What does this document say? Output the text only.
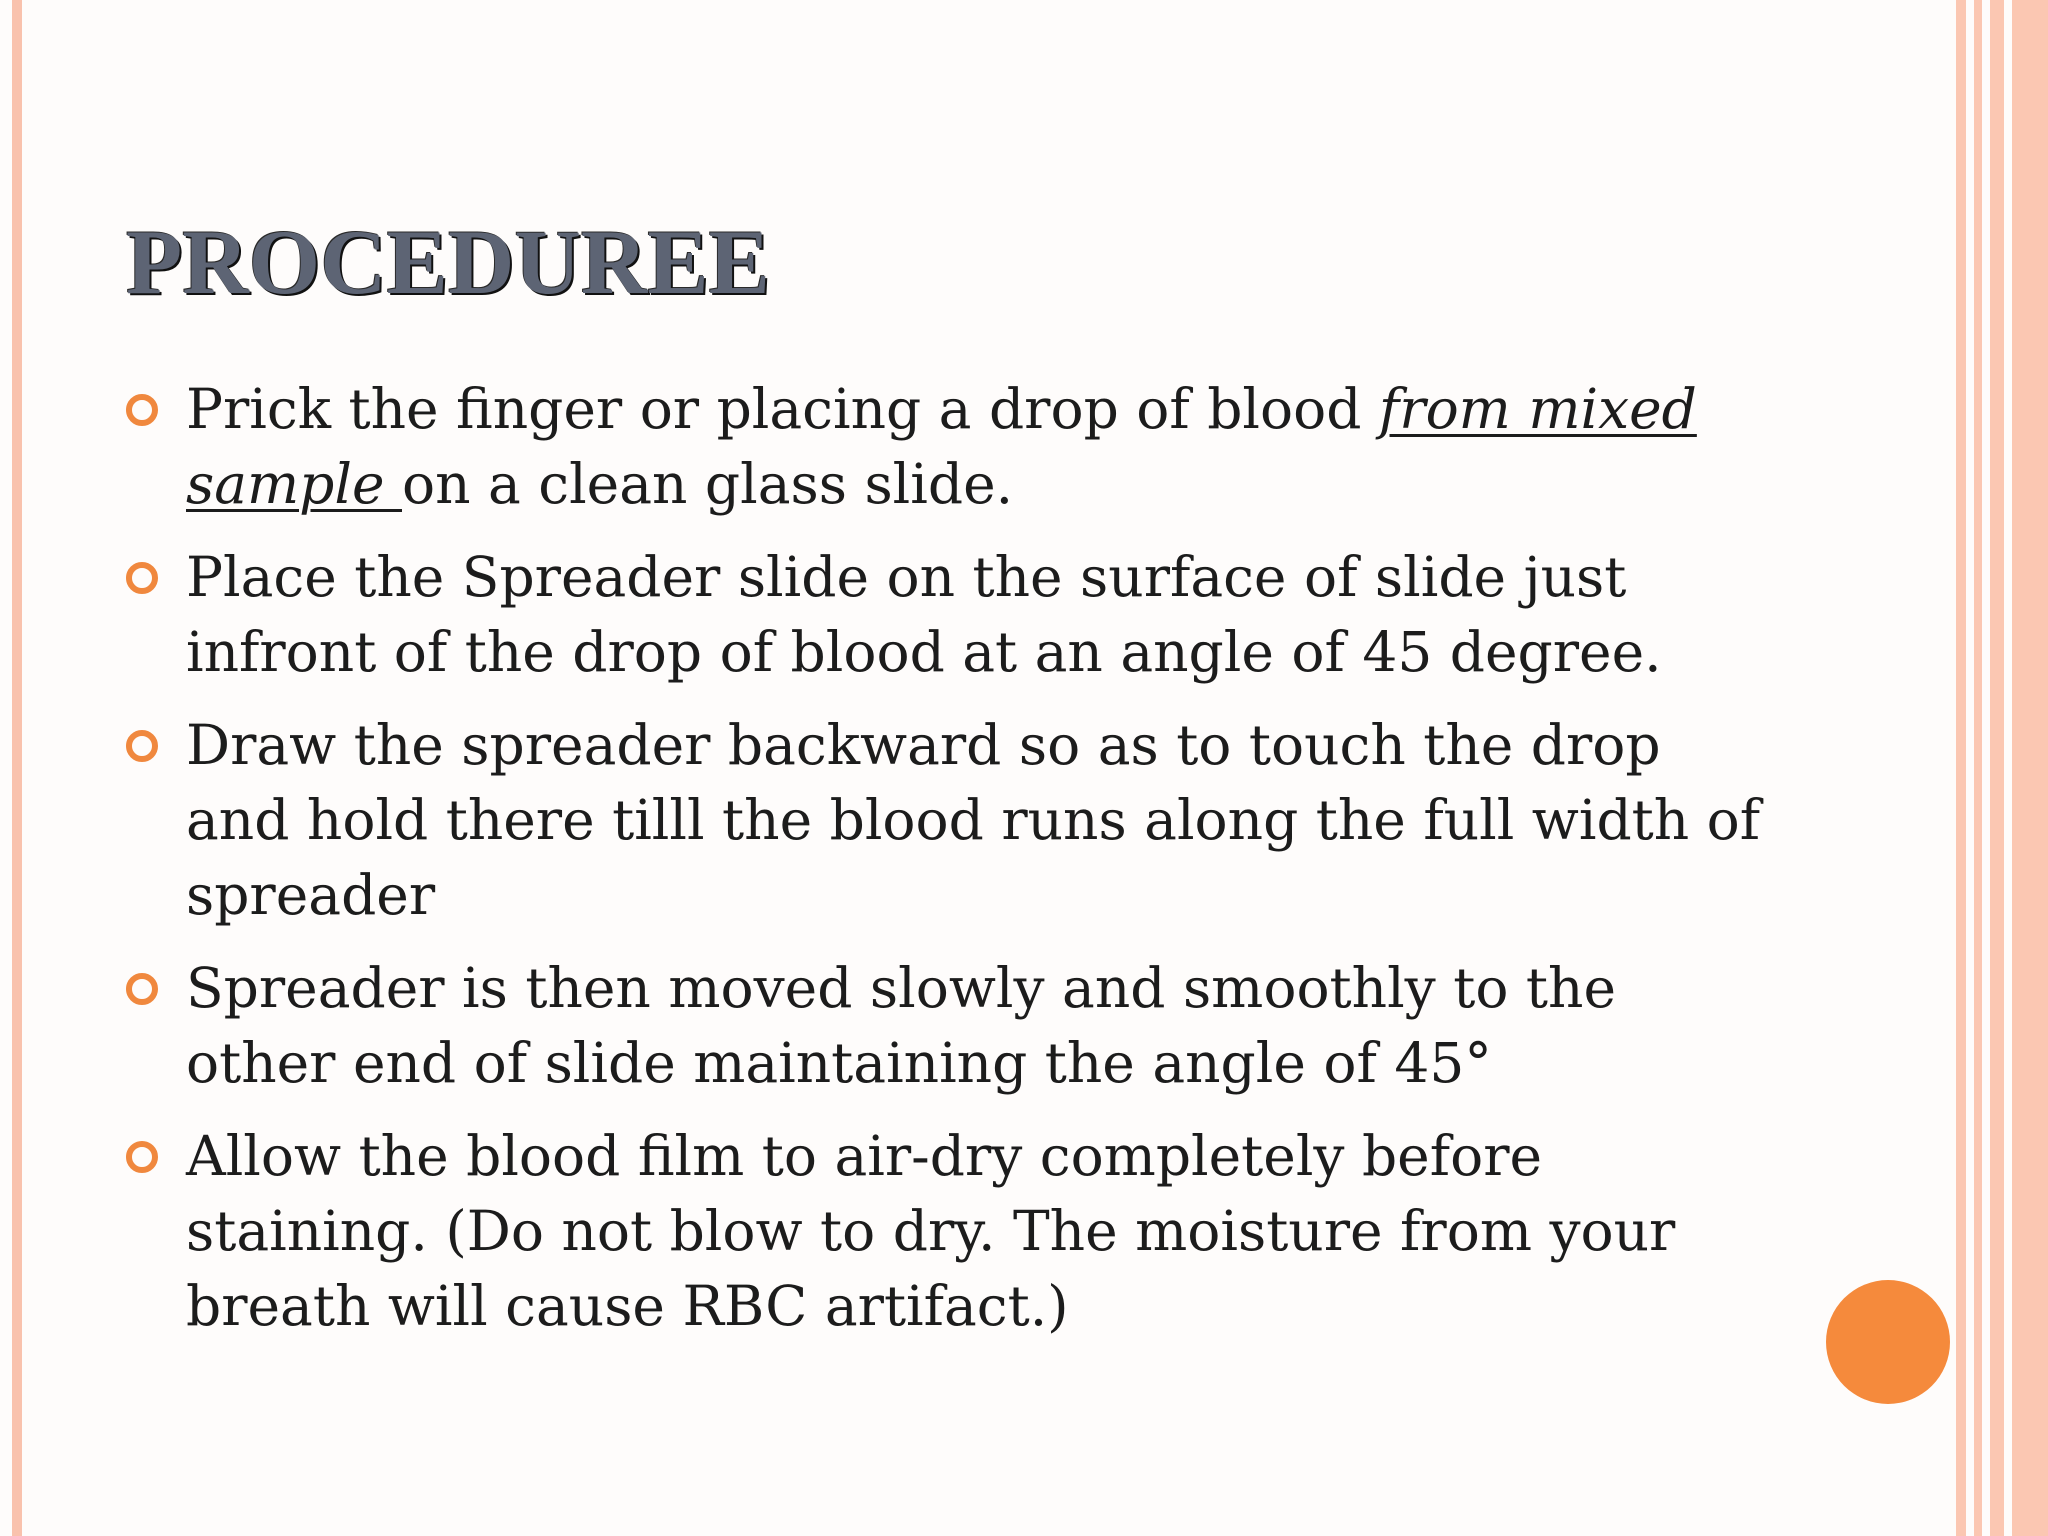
PROCEDUREE
Prick the finger or placing a drop of blood from mixed sample on a clean glass slide.
Place the Spreader slide on the surface of slide just infront of the drop of blood at an angle of 45 degree.
Draw the spreader backward so as to touch the drop and hold there tilll the blood runs along the full width of spreader
Spreader is then moved slowly and smoothly to the other end of slide maintaining the angle of 45°
Allow the blood film to air-dry completely before staining. (Do not blow to dry. The moisture from your breath will cause RBC artifact.)
